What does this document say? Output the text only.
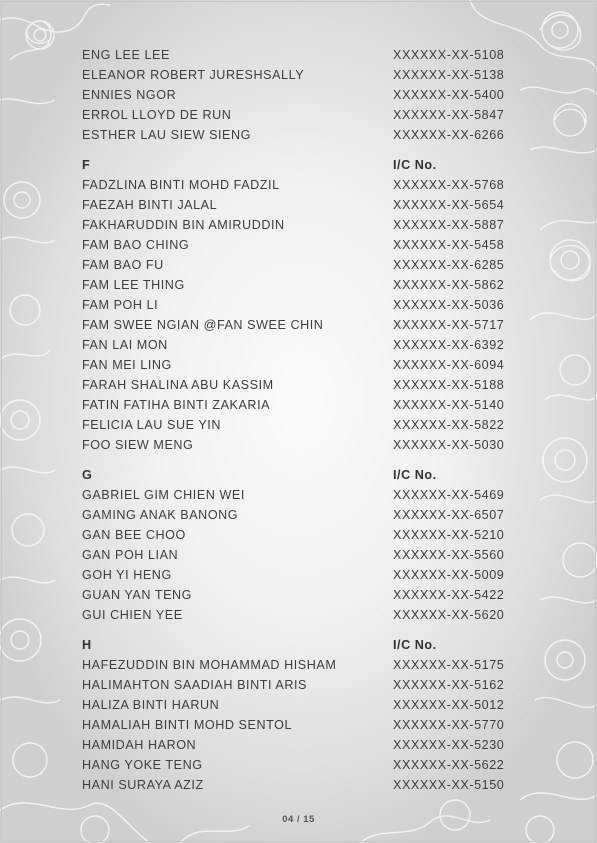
ENG LEE LEE	XXXXXX-XX-5108
ELEANOR ROBERT JURESHSALLY	XXXXXX-XX-5138
ENNIES NGOR	XXXXXX-XX-5400
ERROL LLOYD DE RUN	XXXXXX-XX-5847
ESTHER LAU SIEW SIENG	XXXXXX-XX-6266
F	I/C No.
FADZLINA BINTI MOHD FADZIL	XXXXXX-XX-5768
FAEZAH BINTI JALAL	XXXXXX-XX-5654
FAKHARUDDIN BIN AMIRUDDIN	XXXXXX-XX-5887
FAM BAO CHING	XXXXXX-XX-5458
FAM BAO FU	XXXXXX-XX-6285
FAM LEE THING	XXXXXX-XX-5862
FAM POH LI	XXXXXX-XX-5036
FAM SWEE NGIAN @FAN SWEE CHIN	XXXXXX-XX-5717
FAN LAI MON	XXXXXX-XX-6392
FAN MEI LING	XXXXXX-XX-6094
FARAH SHALINA ABU KASSIM	XXXXXX-XX-5188
FATIN FATIHA BINTI ZAKARIA	XXXXXX-XX-5140
FELICIA LAU SUE YIN	XXXXXX-XX-5822
FOO SIEW MENG	XXXXXX-XX-5030
G	I/C No.
GABRIEL GIM CHIEN WEI	XXXXXX-XX-5469
GAMING ANAK BANONG	XXXXXX-XX-6507
GAN BEE CHOO	XXXXXX-XX-5210
GAN POH LIAN	XXXXXX-XX-5560
GOH YI HENG	XXXXXX-XX-5009
GUAN YAN TENG	XXXXXX-XX-5422
GUI CHIEN YEE	XXXXXX-XX-5620
H	I/C No.
HAFEZUDDIN BIN MOHAMMAD HISHAM	XXXXXX-XX-5175
HALIMAHTON SAADIAH BINTI ARIS	XXXXXX-XX-5162
HALIZA BINTI HARUN	XXXXXX-XX-5012
HAMALIAH BINTI MOHD SENTOL	XXXXXX-XX-5770
HAMIDAH HARON	XXXXXX-XX-5230
HANG YOKE TENG	XXXXXX-XX-5622
HANI SURAYA AZIZ	XXXXXX-XX-5150
04 / 15
